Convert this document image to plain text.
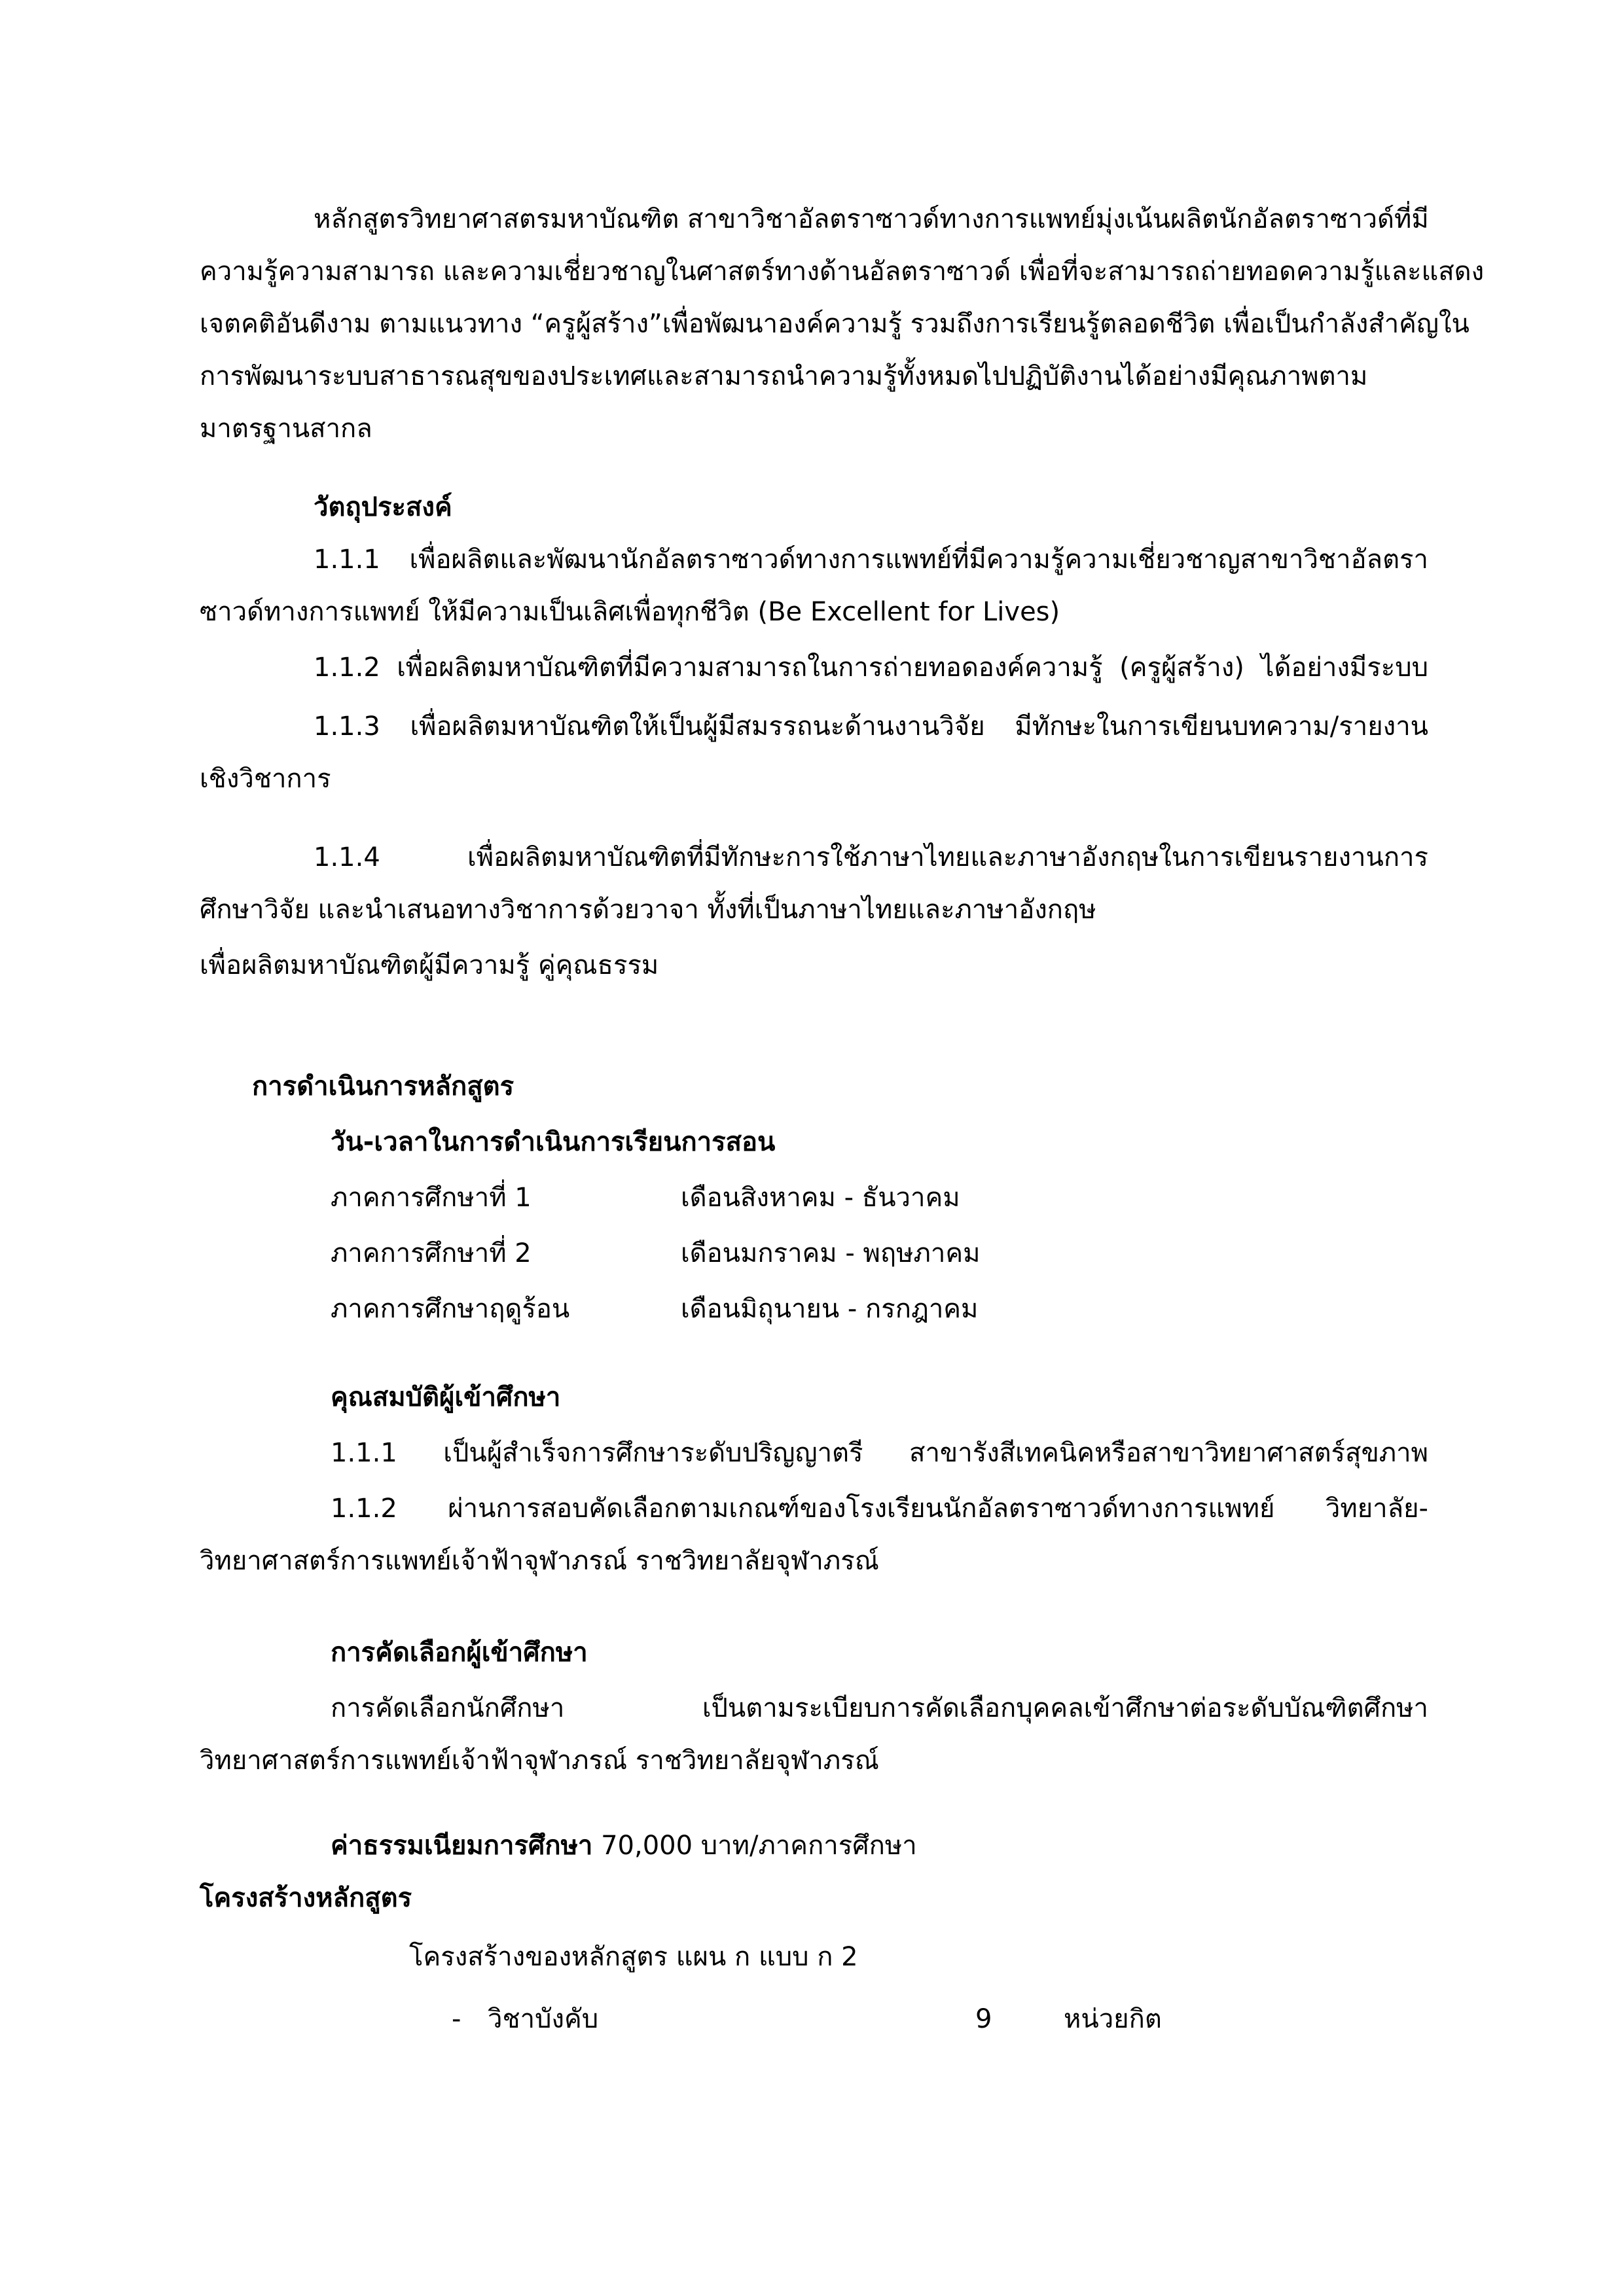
หลักสูตรวิทยาศาสตรมหาบัณฑิต สาขาวิชาอัลตราซาวด์ทางการแพทย์มุ่งเน้นผลิตนักอัลตราซาวด์ที่มี
ความรู้ความสามารถ และความเชี่ยวชาญในศาสตร์ทางด้านอัลตราซาวด์ เพื่อที่จะสามารถถ่ายทอดความรู้และแสดง
เจตคติอันดีงาม ตามแนวทาง “ครูผู้สร้าง”เพื่อพัฒนาองค์ความรู้ รวมถึงการเรียนรู้ตลอดชีวิต เพื่อเป็นกำลังสำคัญใน
การพัฒนาระบบสาธารณสุขของประเทศและสามารถนำความรู้ทั้งหมดไปปฏิบัติงานได้อย่างมีคุณภาพตาม
มาตรฐานสากล
วัตถุประสงค์
1.1.1 เพื่อผลิตและพัฒนานักอัลตราซาวด์ทางการแพทย์ที่มีความรู้ความเชี่ยวชาญสาขาวิชาอัลตรา
ซาวด์ทางการแพทย์ ให้มีความเป็นเลิศเพื่อทุกชีวิต (Be Excellent for Lives)
1.1.2 เพื่อผลิตมหาบัณฑิตที่มีความสามารถในการถ่ายทอดองค์ความรู้ (ครูผู้สร้าง) ได้อย่างมีระบบ
1.1.3 เพื่อผลิตมหาบัณฑิตให้เป็นผู้มีสมรรถนะด้านงานวิจัย มีทักษะในการเขียนบทความ/รายงาน
เชิงวิชาการ
1.1.4 เพื่อผลิตมหาบัณฑิตที่มีทักษะการใช้ภาษาไทยและภาษาอังกฤษในการเขียนรายงานการ
ศึกษาวิจัย และนำเสนอทางวิชาการด้วยวาจา ทั้งที่เป็นภาษาไทยและภาษาอังกฤษ
เพื่อผลิตมหาบัณฑิตผู้มีความรู้ คู่คุณธรรม
การดำเนินการหลักสูตร
วัน-เวลาในการดำเนินการเรียนการสอน
ภาคการศึกษาที่ 1	เดือนสิงหาคม - ธันวาคม
ภาคการศึกษาที่ 2	เดือนมกราคม - พฤษภาคม
ภาคการศึกษาฤดูร้อน	เดือนมิถุนายน - กรกฎาคม
คุณสมบัติผู้เข้าศึกษา
1.1.1 เป็นผู้สำเร็จการศึกษาระดับปริญญาตรี สาขารังสีเทคนิคหรือสาขาวิทยาศาสตร์สุขภาพ
1.1.2 ผ่านการสอบคัดเลือกตามเกณฑ์ของโรงเรียนนักอัลตราซาวด์ทางการแพทย์ วิทยาลัย-
วิทยาศาสตร์การแพทย์เจ้าฟ้าจุฬาภรณ์ ราชวิทยาลัยจุฬาภรณ์
การคัดเลือกผู้เข้าศึกษา
การคัดเลือกนักศึกษา เป็นตามระเบียบการคัดเลือกบุคคลเข้าศึกษาต่อระดับบัณฑิตศึกษา
วิทยาศาสตร์การแพทย์เจ้าฟ้าจุฬาภรณ์ ราชวิทยาลัยจุฬาภรณ์
ค่าธรรมเนียมการศึกษา 70,000 บาท/ภาคการศึกษา
โครงสร้างหลักสูตร
โครงสร้างของหลักสูตร แผน ก แบบ ก 2
- วิชาบังคับ	9	หน่วยกิต
